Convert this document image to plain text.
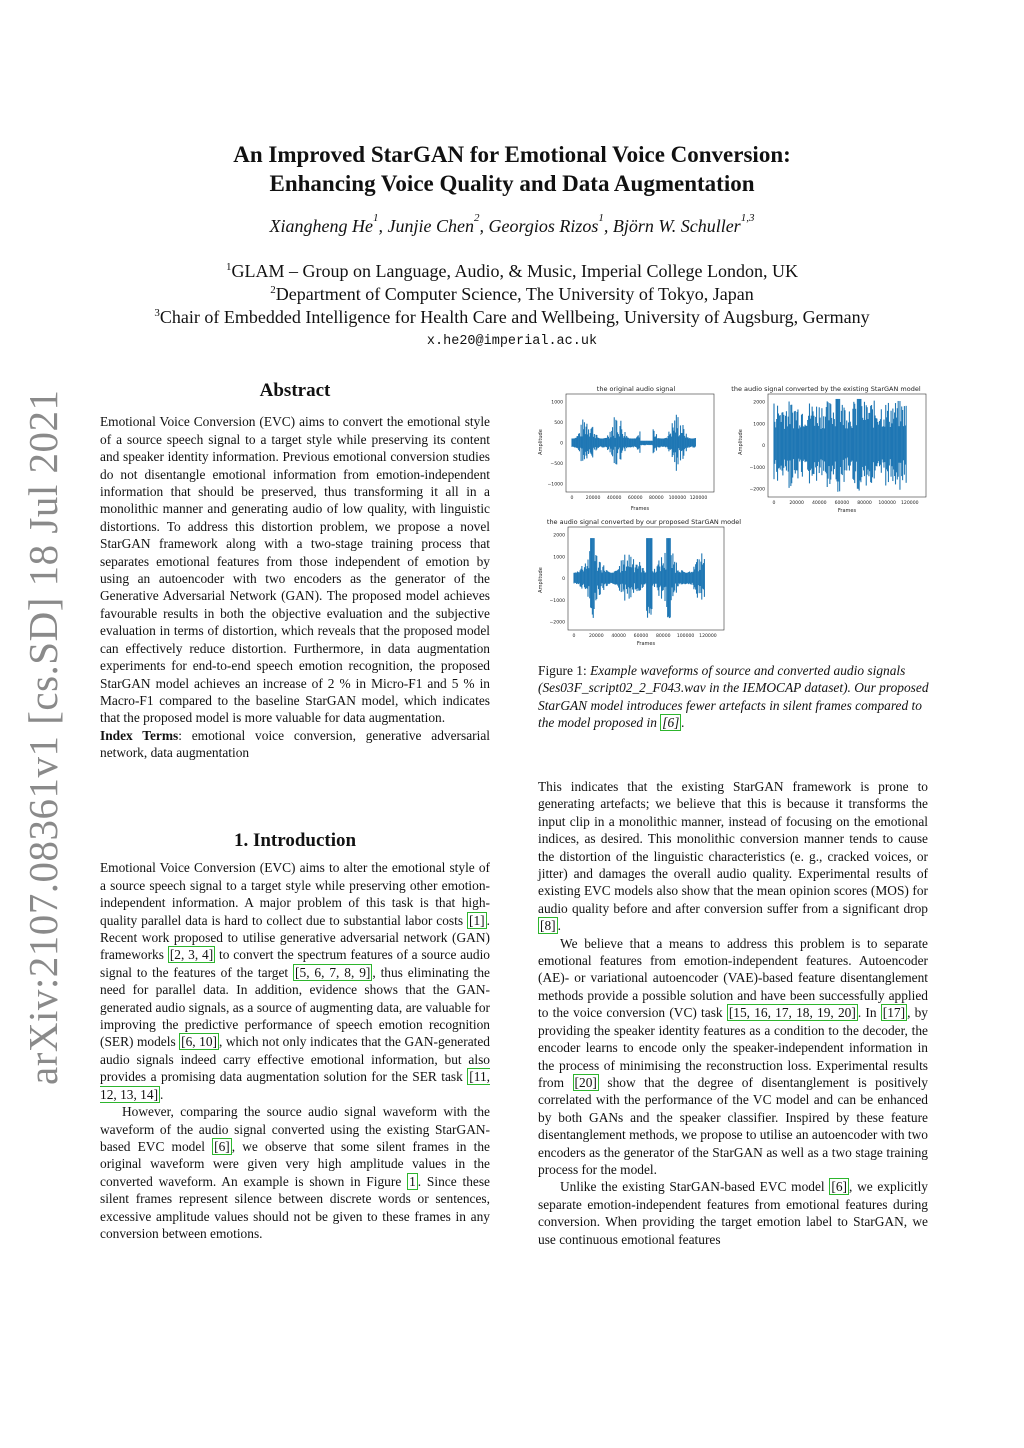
arXiv:2107.08361v1 [cs.SD] 18 Jul 2021
An Improved StarGAN for Emotional Voice Conversion:
Enhancing Voice Quality and Data Augmentation
Xiangheng He$^1$, Junjie Chen$^2$, Georgios Rizos$^1$, Björn W. Schuller$^{1,3}$
$^1$GLAM – Group on Language, Audio, & Music, Imperial College London, UK
$^2$Department of Computer Science, The University of Tokyo, Japan
$^3$Chair of Embedded Intelligence for Health Care and Wellbeing, University of Augsburg, Germany
x.he20@imperial.ac.uk
Abstract

Emotional Voice Conversion (EVC) aims to convert the emotional style of a source speech signal to a target style while preserving its content and speaker identity information. Previous emotional conversion studies do not disentangle emotional information from emotion-independent information that should be preserved, thus transforming it all in a monolithic manner and generating audio of low quality, with linguistic distortions. To address this distortion problem, we propose a novel StarGAN framework along with a two-stage training process that separates emotional features from those independent of emotion by using an autoencoder with two encoders as the generator of the Generative Adversarial Network (GAN). The proposed model achieves favourable results in both the objective evaluation and the subjective evaluation in terms of distortion, which reveals that the proposed model can effectively reduce distortion. Furthermore, in data augmentation experiments for end-to-end speech emotion recognition, the proposed StarGAN model achieves an increase of 2 % in Micro-F1 and 5 % in Macro-F1 compared to the baseline StarGAN model, which indicates that the proposed model is more valuable for data augmentation.

Index Terms: emotional voice conversion, generative adversarial network, data augmentation

1. Introduction

Emotional Voice Conversion (EVC) aims to alter the emotional style of a source speech signal to a target style while preserving other emotion-independent information. A major problem of this task is that high-quality parallel data is hard to collect due to substantial labor costs [1] . Recent work proposed to utilise generative adversarial network (GAN) frameworks [2, 3, 4] to convert the spectrum features of a source audio signal to the features of the target [5, 6, 7, 8, 9] , thus eliminating the need for parallel data. In addition, evidence shows that the GAN-generated audio signals, as a source of augmenting data, are valuable for improving the predictive performance of speech emotion recognition (SER) models [6, 10] , which not only indicates that the GAN-generated audio signals indeed carry effective emotional information, but also provides a promising data augmentation solution for the SER task [11, 12, 13, 14] .

However, comparing the source audio signal waveform with the waveform of the audio signal converted using the existing StarGAN-based EVC model [6] , we observe that some silent frames in the original waveform were given very high amplitude values in the converted waveform. An example is shown in Figure 1 . Since these silent frames represent silence between discrete words or sentences, excessive amplitude values should not be given to these frames in any conversion between emotions.

the original audio signal
Amplitude
1000
500
0
−500
−1000
0	20000 40000 60000 80000 100000 120000
Frames
the audio signal converted by the existing StarGAN model
Amplitude
2000
1000
0
−1000
−2000
0	20000 40000 60000 80000 100000 120000
Frames
the audio signal converted by our proposed StarGAN model
Amplitude
2000
1000
0
−1000
−2000
0	20000 40000 60000 80000 100000 120000
Frames
Figure 1: Example waveforms of source and converted audio signals (Ses03F_script02_2_F043.wav in the IEMOCAP dataset). Our proposed StarGAN model introduces fewer artefacts in silent frames compared to the model proposed in [6] .

This indicates that the existing StarGAN framework is prone to generating artefacts; we believe that this is because it transforms the input clip in a monolithic manner, instead of focusing on the emotional indices, as desired. This monolithic conversion manner tends to cause the distortion of the linguistic characteristics (e. g., cracked voices, or jitter) and damages the overall audio quality. Experimental results of existing EVC models also show that the mean opinion scores (MOS) for audio quality before and after conversion suffer from a significant drop [8] .

We believe that a means to address this problem is to separate emotional features from emotion-independent features. Autoencoder (AE)- or variational autoencoder (VAE)-based feature disentanglement methods provide a possible solution and have been successfully applied to the voice conversion (VC) task [15, 16, 17, 18, 19, 20] . In [17] , by providing the speaker identity features as a condition to the decoder, the encoder learns to encode only the speaker-independent information in the process of minimising the reconstruction loss. Experimental results from [20] show that the degree of disentanglement is positively correlated with the performance of the VC model and can be enhanced by both GANs and the speaker classifier. Inspired by these feature disentanglement methods, we propose to utilise an autoencoder with two encoders as the generator of the StarGAN as well as a two stage training process for the model.

Unlike the existing StarGAN-based EVC model [6] , we explicitly separate emotion-independent features from emotional features during conversion. When providing the target emotion label to StarGAN, we use continuous emotional features
